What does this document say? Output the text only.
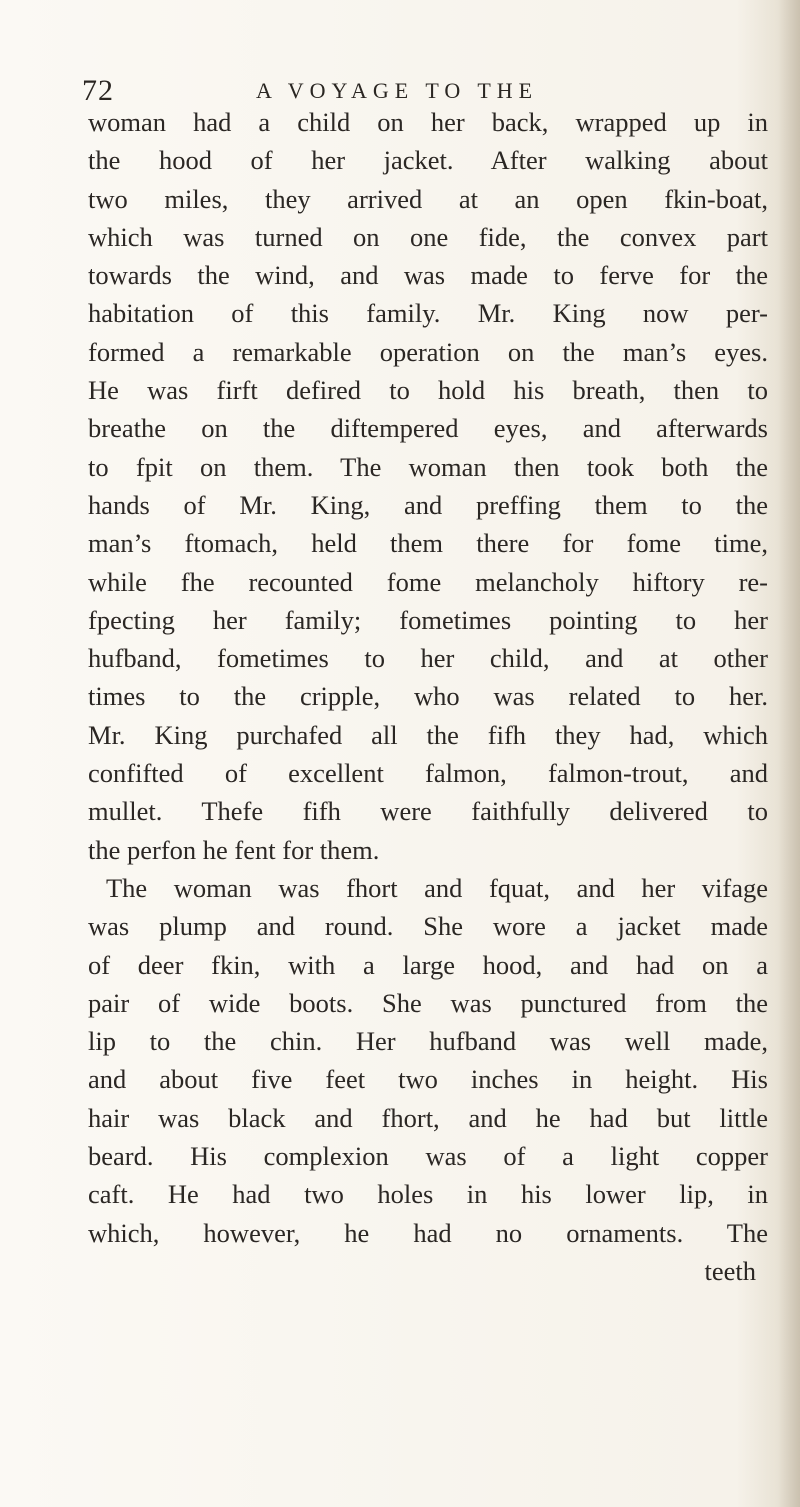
72	A VOYAGE TO THE
woman had a child on her back, wrapped up in
the hood of her jacket. After walking about
two miles, they arrived at an open fkin-boat,
which was turned on one fide, the convex part
towards the wind, and was made to ferve for the
habitation of this family. Mr. King now per-
formed a remarkable operation on the man’s eyes.
He was firft defired to hold his breath, then to
breathe on the diftempered eyes, and afterwards
to fpit on them. The woman then took both the
hands of Mr. King, and preffing them to the
man’s ftomach, held them there for fome time,
while fhe recounted fome melancholy hiftory re-
fpecting her family; fometimes pointing to her
hufband, fometimes to her child, and at other
times to the cripple, who was related to her.
Mr. King purchafed all the fifh they had, which
confifted of excellent falmon, falmon-trout, and
mullet. Thefe fifh were faithfully delivered to
the perfon he fent for them.
The woman was fhort and fquat, and her vifage
was plump and round. She wore a jacket made
of deer fkin, with a large hood, and had on a
pair of wide boots. She was punctured from the
lip to the chin. Her hufband was well made,
and about five feet two inches in height. His
hair was black and fhort, and he had but little
beard. His complexion was of a light copper
caft. He had two holes in his lower lip, in
which, however, he had no ornaments. The
teeth
